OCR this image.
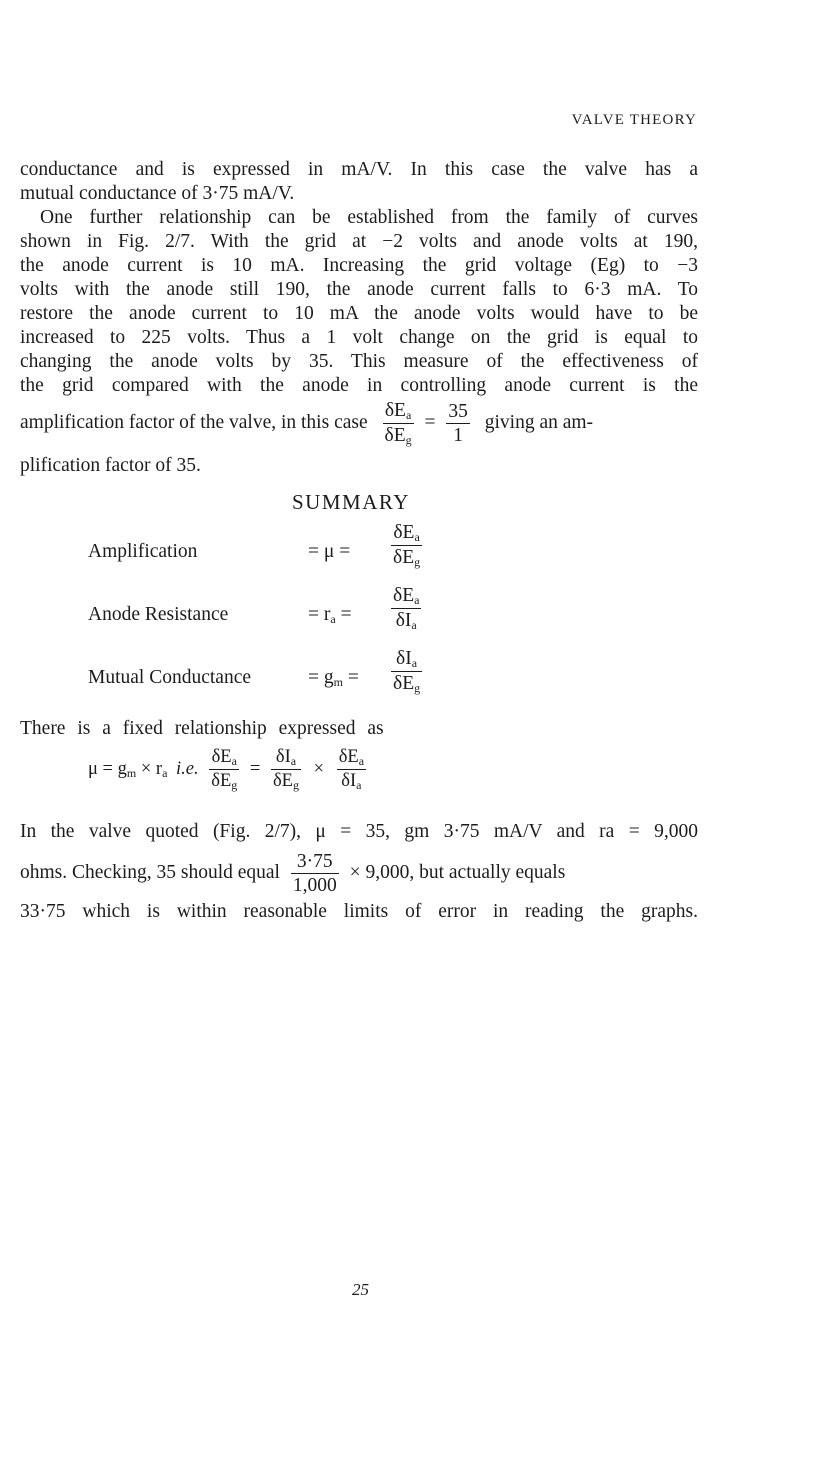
VALVE THEORY
conductance and is expressed in mA/V. In this case the valve has a
mutual conductance of 3·75 mA/V.
One further relationship can be established from the family of curves
shown in Fig. 2/7. With the grid at −2 volts and anode volts at 190,
the anode current is 10 mA. Increasing the grid voltage (Eg) to −3
volts with the anode still 190, the anode current falls to 6·3 mA. To
restore the anode current to 10 mA the anode volts would have to be
increased to 225 volts. Thus a 1 volt change on the grid is equal to
changing the anode volts by 35. This measure of the effectiveness of
the grid compared with the anode in controlling anode current is the
amplification factor of the valve, in this case $\frac{\delta E_a}{\delta E_g} = \frac{35}{1}$ giving an am-
plification factor of 35.
SUMMARY
Amplification	= μ =
$\delta E_a$
$\delta E_g$
Anode Resistance	= $r_a$ =
$\delta E_a$
$\delta I_a$
Mutual Conductance	= $g_m$ =
$\delta I_a$
$\delta E_g$
There is a fixed relationship expressed as
$\mu = g_m \times r_a$ i.e. $\frac{\delta E_a}{\delta E_g} = \frac{\delta I_a}{\delta E_g} \times \frac{\delta E_a}{\delta I_a}$
In the valve quoted (Fig. 2/7), μ = 35, gm 3·75 mA/V and ra = 9,000
ohms. Checking, 35 should equal $\frac{3\cdot 75}{1,000} \times 9,000$, but actually equals
33·75 which is within reasonable limits of error in reading the graphs.
25
